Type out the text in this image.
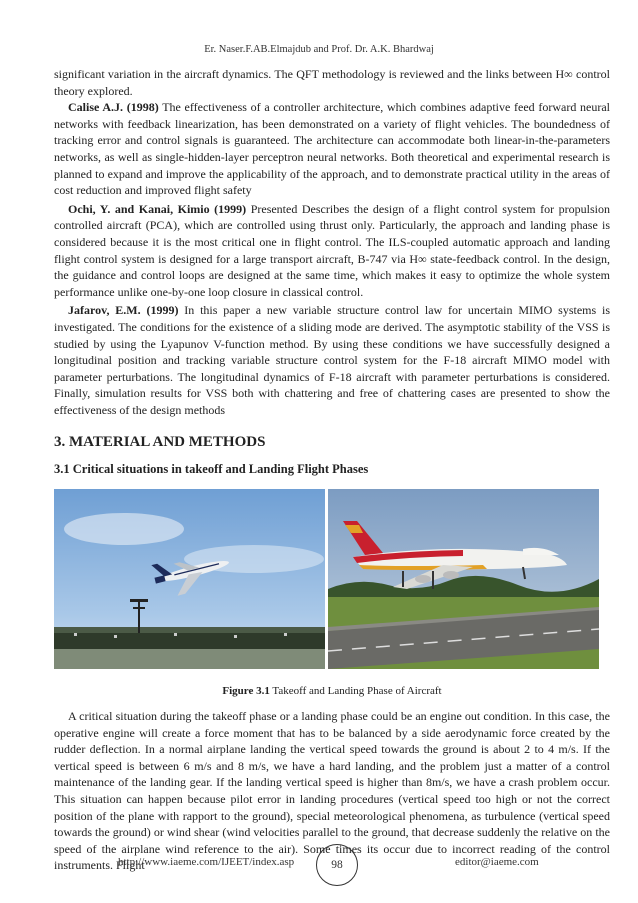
Er. Naser.F.AB.Elmajdub and Prof. Dr. A.K. Bhardwaj

significant variation in the aircraft dynamics. The QFT methodology is reviewed and the links between H∞ control theory explored.

Calise A.J. (1998) The effectiveness of a controller architecture, which combines adaptive feed forward neural networks with feedback linearization, has been demonstrated on a variety of flight vehicles. The boundedness of tracking error and control signals is guaranteed. The architecture can accommodate both linear-in-the-parameters networks, as well as single-hidden-layer perceptron neural networks. Both theoretical and experimental research is planned to expand and improve the applicability of the approach, and to demonstrate practical utility in the areas of cost reduction and improved flight safety

Ochi, Y. and Kanai, Kimio (1999) Presented Describes the design of a flight control system for propulsion controlled aircraft (PCA), which are controlled using thrust only. Particularly, the approach and landing phase is considered because it is the most critical one in flight control. The ILS-coupled automatic approach and landing flight control system is designed for a large transport aircraft, B-747 via H∞ state-feedback control. In the design, the guidance and control loops are designed at the same time, which makes it easy to optimize the whole system performance unlike one-by-one loop closure in classical control.

Jafarov, E.M. (1999) In this paper a new variable structure control law for uncertain MIMO systems is investigated. The conditions for the existence of a sliding mode are derived. The asymptotic stability of the VSS is studied by using the Lyapunov V-function method. By using these conditions we have successfully designed a longitudinal position and tracking variable structure control system for the F-18 aircraft MIMO model with parameter perturbations. The longitudinal dynamics of F-18 aircraft with parameter perturbations is considered. Finally, simulation results for VSS both with chattering and free of chattering cases are presented to show the effectiveness of the design methods

3. MATERIAL AND METHODS
3.1 Critical situations in takeoff and Landing Flight Phases
Figure 3.1 Takeoff and Landing Phase of Aircraft

A critical situation during the takeoff phase or a landing phase could be an engine out condition. In this case, the operative engine will create a force moment that has to be balanced by a side aerodynamic force created by the rudder deflection. In a normal airplane landing the vertical speed towards the ground is about 2 to 4 m/s. If the vertical speed is between 6 m/s and 8 m/s, we have a hard landing, and the problem just a matter of a control maintenance of the landing gear. If the landing vertical speed is higher than 8m/s, we have a crash problem occur. This situation can happen because pilot error in landing procedures (vertical speed too high or not the correct position of the plane with rapport to the ground), special meteorological phenomena, as turbulence (vertical speed towards the ground) or wind shear (wind velocities parallel to the ground, that decrease suddenly the relative on the speed of the airplane wind reference to the air). Some times its occur due to incorrect reading of the control instruments. Flight

http://www.iaeme.com/IJEET/index.asp	98	editor@iaeme.com
